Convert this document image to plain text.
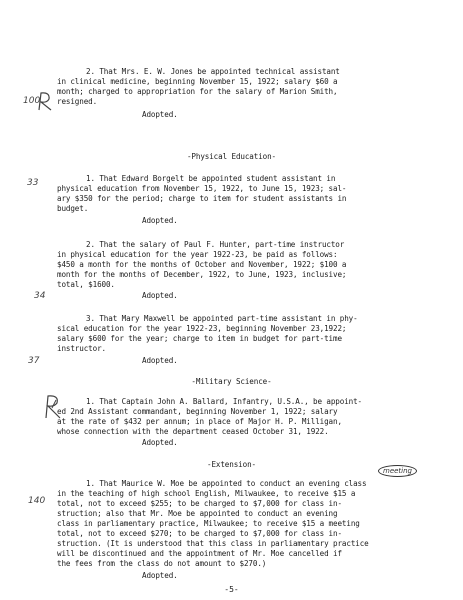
2. That Mrs. E. W. Jones be appointed technical assistant
in clinical medicine, beginning November 15, 1922; salary $60 a
month; charged to appropriation for the salary of Marion Smith,
resigned.
Adopted.
-Physical Education-
1. That Edward Borgelt be appointed student assistant in
physical education from November 15, 1922, to June 15, 1923; sal-
ary $350 for the period; charge to item for student assistants in
budget.
Adopted.
2. That the salary of Paul F. Hunter, part-time instructor
in physical education for the year 1922-23, be paid as follows:
$450 a month for the months of October and November, 1922; $100 a
month for the months of December, 1922, to June, 1923, inclusive;
total, $1600.
Adopted.
3. That Mary Maxwell be appointed part-time assistant in phy-
sical education for the year 1922-23, beginning November 23,1922;
salary $600 for the year; charge to item in budget for part-time
instructor.
Adopted.
-Military Science-
1. That Captain John A. Ballard, Infantry, U.S.A., be appoint-
ed 2nd Assistant commandant, beginning November 1, 1922; salary
at the rate of $432 per annum; in place of Major H. P. Milligan,
whose connection with the department ceased October 31, 1922.
Adopted.
-Extension-
1. That Maurice W. Moe be appointed to conduct an evening class
in the teaching of high school English, Milwaukee, to receive $15 a
total, not to exceed $255; to be charged to $7,000 for class in-
struction; also that Mr. Moe be appointed to conduct an evening
class in parliamentary practice, Milwaukee; to receive $15 a meeting
total, not to exceed $270; to be charged to $7,000 for class in-
struction. (It is understood that this class in parliamentary practice
will be discontinued and the appointment of Mr. Moe cancelled if
the fees from the class do not amount to $270.)
Adopted.
100
33
34
37
140
meeting
-5-
